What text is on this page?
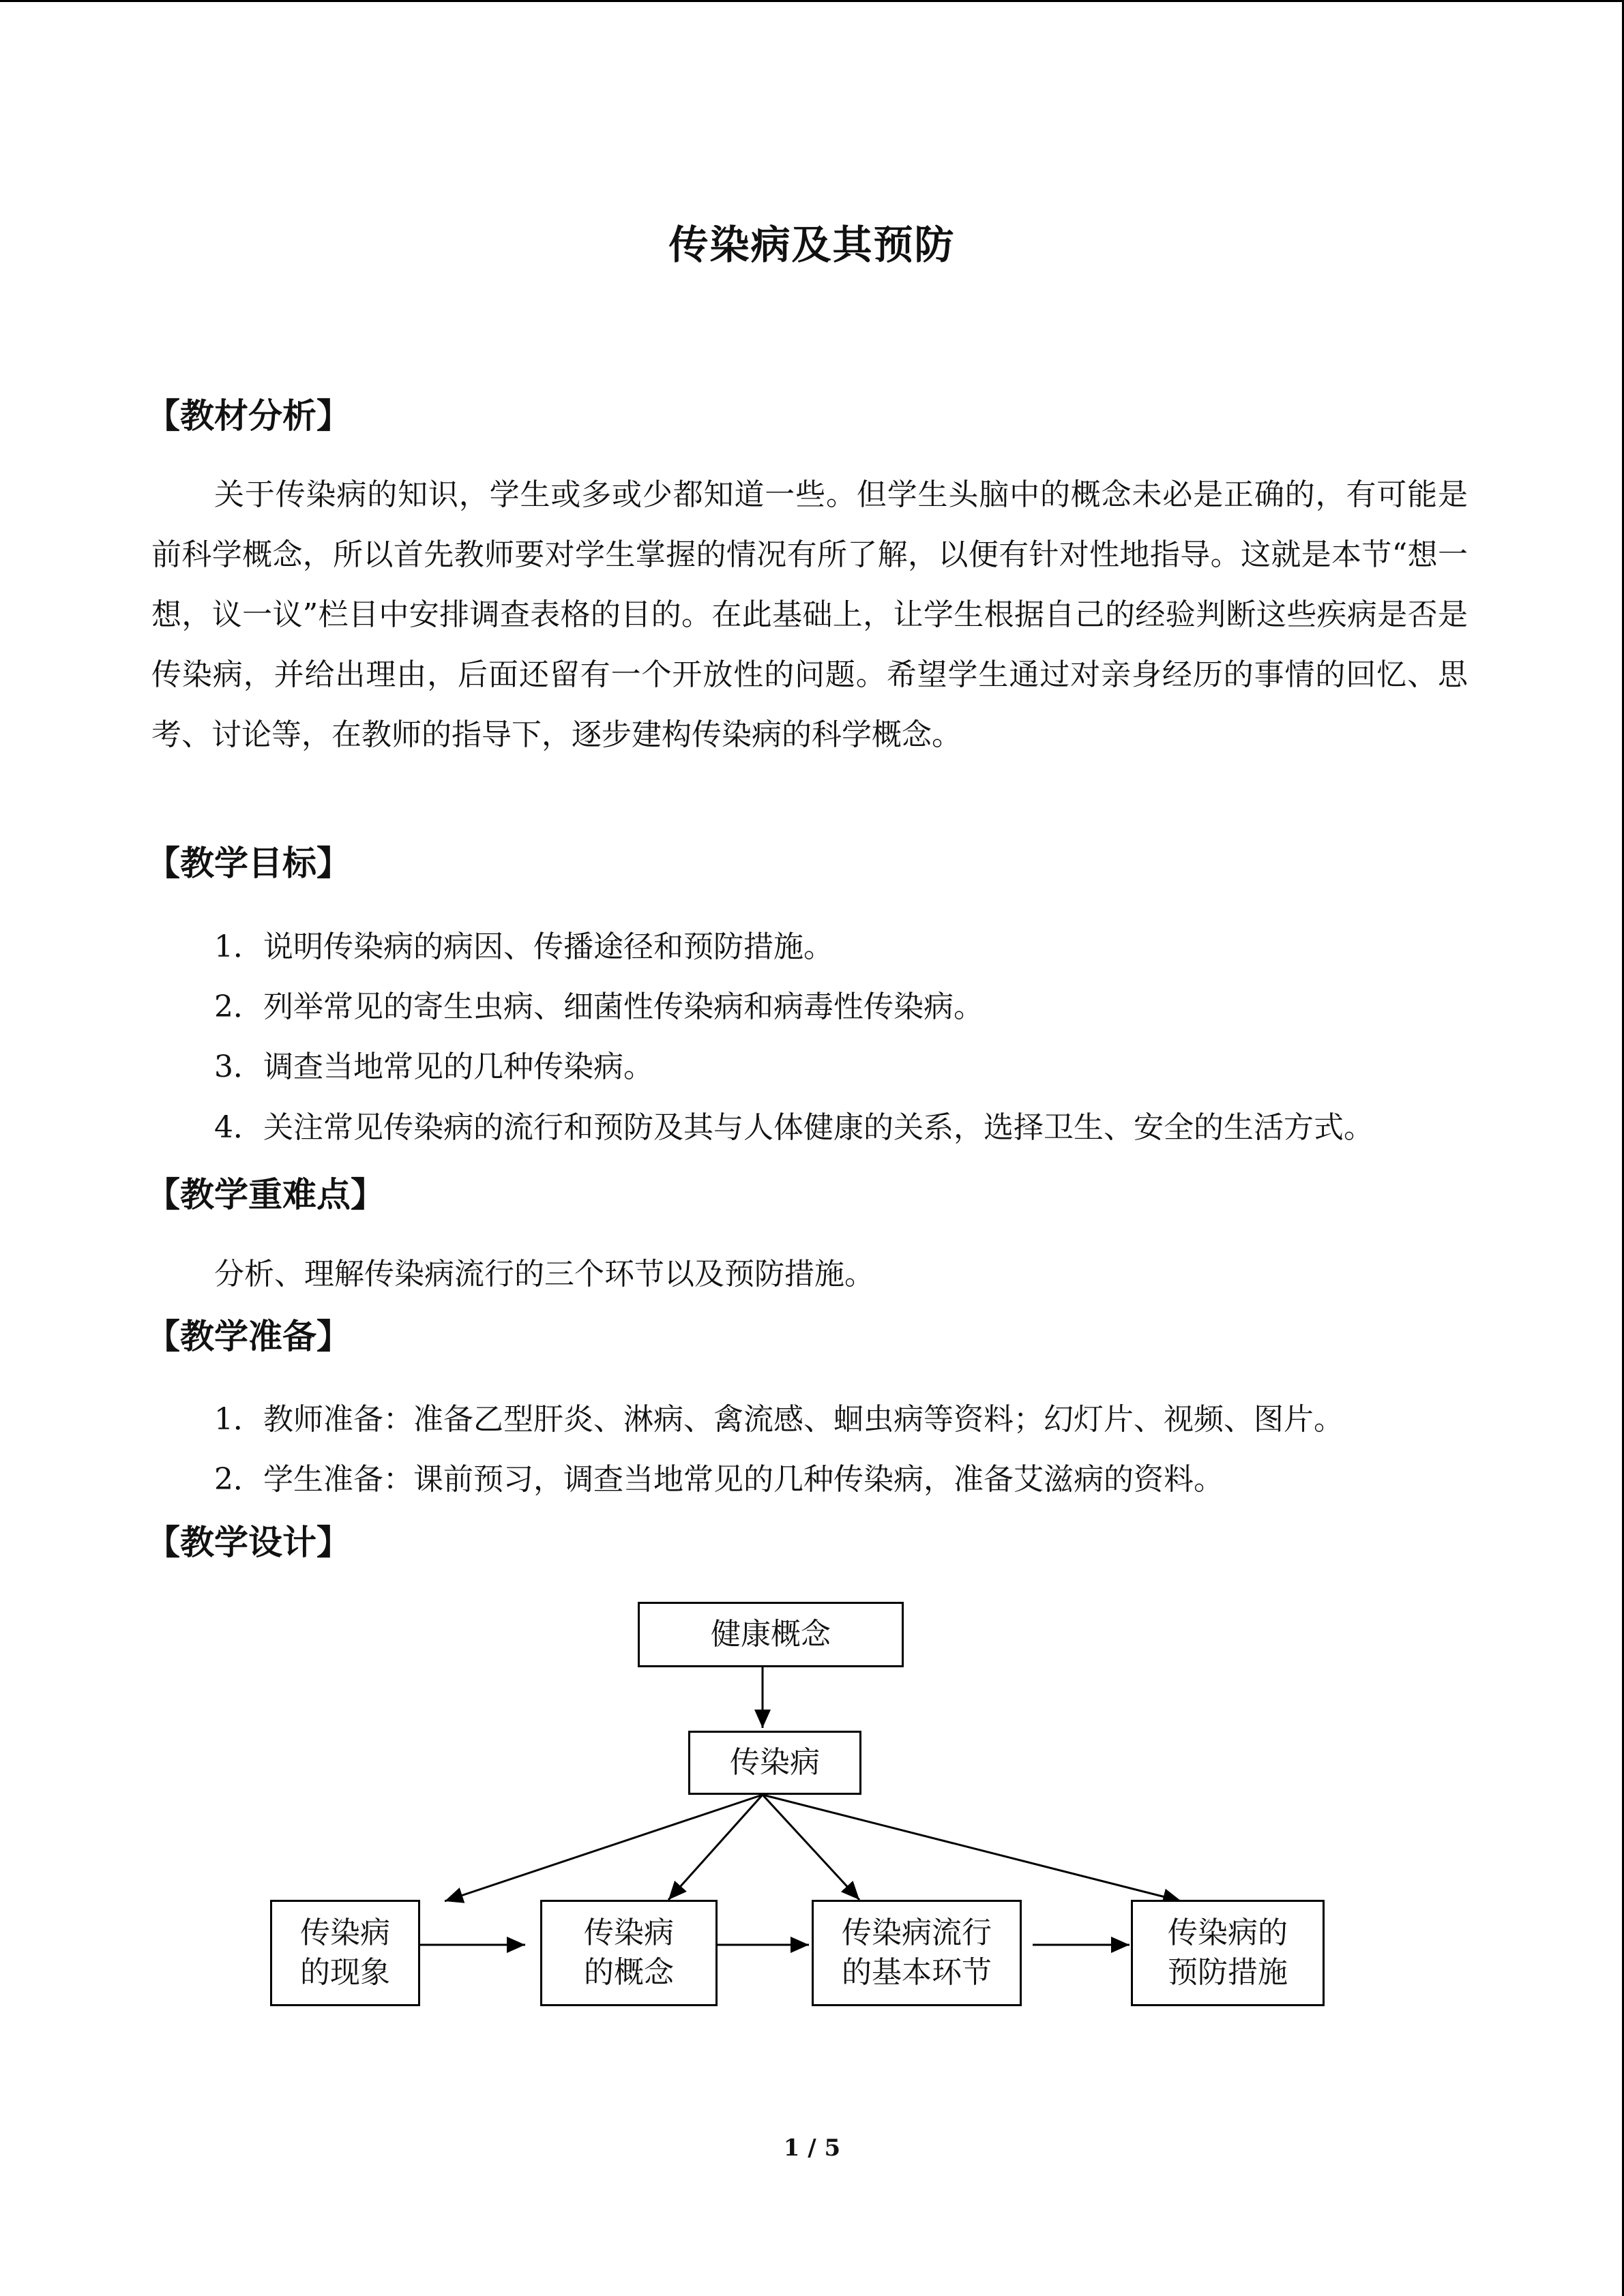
传染病及其预防
【教材分析】
关于传染病的知识，学生或多或少都知道一些。但学生头脑中的概念未必是正确的，有可能是前科学概念，所以首先教师要对学生掌握的情况有所了解，以便有针对性地指导。这就是本节“想一想，议一议”栏目中安排调查表格的目的。在此基础上，让学生根据自己的经验判断这些疾病是否是传染病，并给出理由，后面还留有一个开放性的问题。希望学生通过对亲身经历的事情的回忆、思考、讨论等，在教师的指导下，逐步建构传染病的科学概念。
【教学目标】
1．说明传染病的病因、传播途径和预防措施。
2．列举常见的寄生虫病、细菌性传染病和病毒性传染病。
3．调查当地常见的几种传染病。
4．关注常见传染病的流行和预防及其与人体健康的关系，选择卫生、安全的生活方式。
【教学重难点】
分析、理解传染病流行的三个环节以及预防措施。
【教学准备】
1．教师准备：准备乙型肝炎、淋病、禽流感、蛔虫病等资料；幻灯片、视频、图片。
2．学生准备：课前预习，调查当地常见的几种传染病，准备艾滋病的资料。
【教学设计】
健康概念
传染病
传染病
的现象
传染病
的概念
传染病流行
的基本环节
传染病的
预防措施
1 / 5
